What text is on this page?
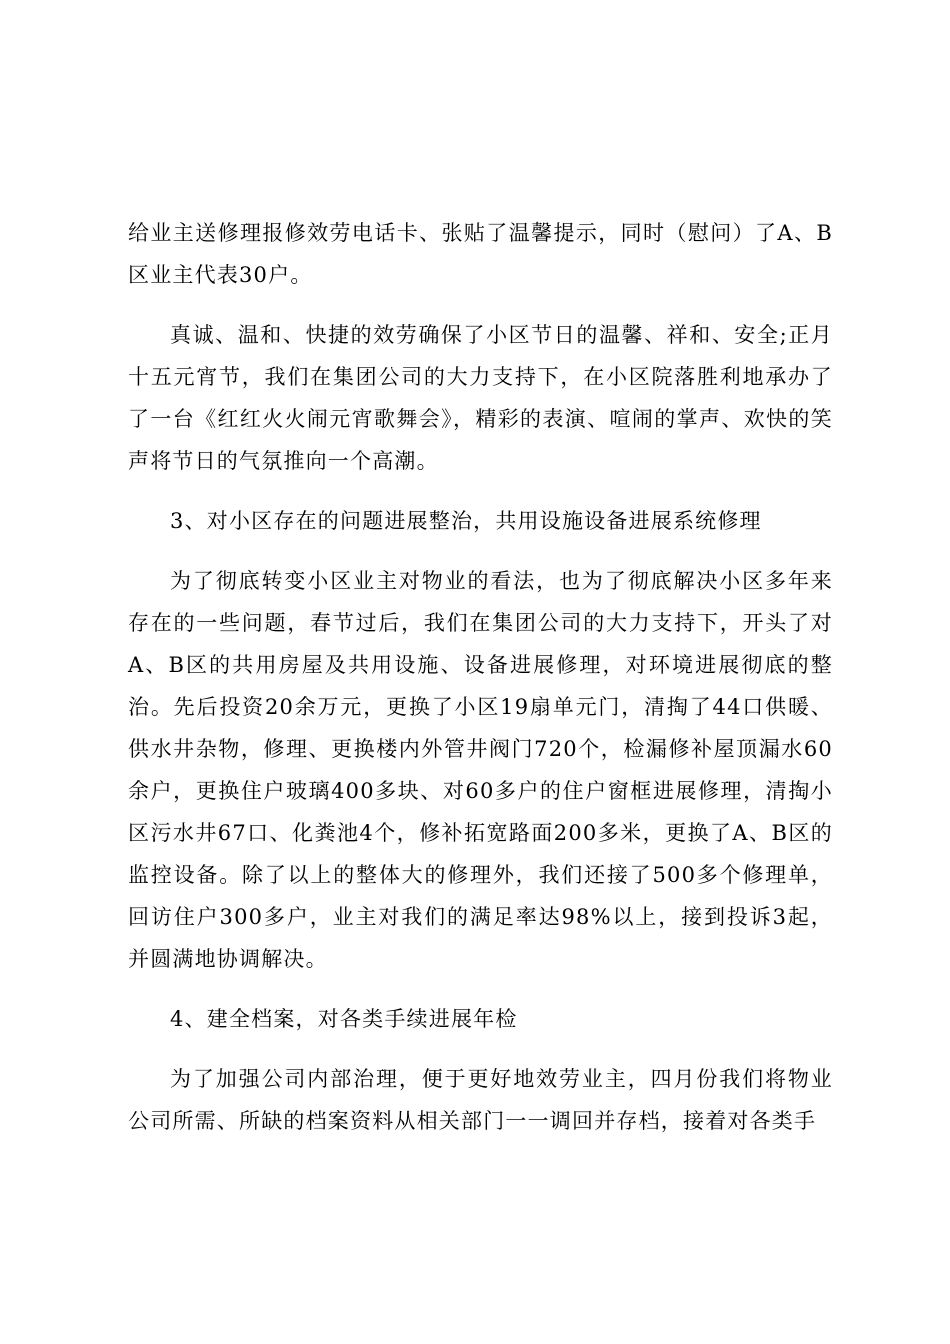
给业主送修理报修效劳电话卡、张贴了温馨提示，同时（慰问）了A、B区业主代表30户。

真诚、温和、快捷的效劳确保了小区节日的温馨、祥和、安全;正月十五元宵节，我们在集团公司的大力支持下，在小区院落胜利地承办了了一台《红红火火闹元宵歌舞会》，精彩的表演、喧闹的掌声、欢快的笑声将节日的气氛推向一个高潮。

3、对小区存在的问题进展整治，共用设施设备进展系统修理

为了彻底转变小区业主对物业的看法，也为了彻底解决小区多年来存在的一些问题，春节过后，我们在集团公司的大力支持下，开头了对A、B区的共用房屋及共用设施、设备进展修理，对环境进展彻底的整治。先后投资20余万元，更换了小区19扇单元门，清掏了44口供暖、供水井杂物，修理、更换楼内外管井阀门720个，检漏修补屋顶漏水60余户，更换住户玻璃400多块、对60多户的住户窗框进展修理，清掏小区污水井67口、化粪池4个，修补拓宽路面200多米，更换了A、B区的监控设备。除了以上的整体大的修理外，我们还接了500多个修理单，回访住户300多户，业主对我们的满足率达98%以上，接到投诉3起，并圆满地协调解决。

4、建全档案，对各类手续进展年检

为了加强公司内部治理，便于更好地效劳业主，四月份我们将物业公司所需、所缺的档案资料从相关部门一一调回并存档，接着对各类手
